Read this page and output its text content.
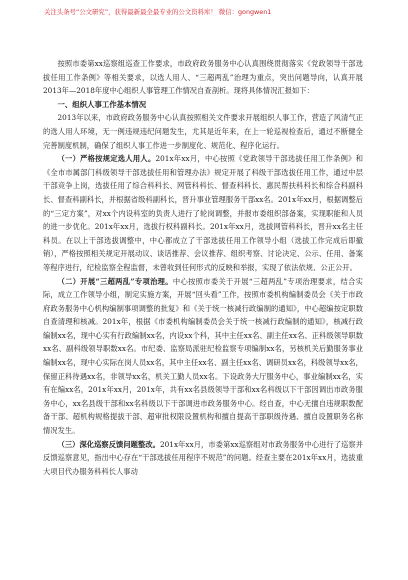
关注头条号“公文研究”，获得最新最全最专业的公文资料库！ 微信：gongwen1

按照市委第xx巡察组巡查工作要求，市政府政务服务中心认真围绕贯彻落实《党政领导干部选拔任用工作条例》等相关要求，以选人用人、“三超两乱”治理为重点，突出问题导向，认真开展2013年—2018年度中心组织人事管理工作情况自查剖析。现将具体情况汇报如下：

一、组织人事工作基本情况

2013年以来，市政府政务服务中心认真按照相关文件要求开展组织人事工作，营造了风清气正的选人用人环境，无一例违规违纪问题发生，尤其是近年来，在上一轮巡视检查后，通过不断健全完善制度机制，确保了组织人事工作进一步制度化、规范化、程序化运行。

（一）严格按规定选人用人。201x年xx月，中心按照《党政领导干部选拔任用工作条例》和《全市市属部门科级领导干部选拔任用和管理办法》规定开展了科级干部选拔任用工作，通过中层干部竞争上岗，选拔任用了综合科科长、网管科科长、督查科科长、惠民帮扶科科长和综合科副科长、督查科副科长，并根据省级科副科长，晋升事业管理服务干部xx名。201x年xx月，根据调整后的“三定方案”，对xx个内设科室的负责人进行了轮岗调整，并报市委组织部备案，实现职能和人员的进一步优化。201x年xx月，选拔行权科副科长。201x年xx月，选拔网管科科长，晋升xx名主任科员。在以上干部选拔调整中，中心都成立了干部选拔任用工作领导小组（选拔工作完成后即撤销），严格按照相关规定开展动议、谈话推荐、会议推荐、组织考察、讨论决定、公示、任用、备案等程序进行，纪检监察全程监督，未曾收到任何形式的反映和举报，实现了依法依规、公正公开。

（二）开展“三超两乱”专项治理。中心按照市委关于开展“三超两乱”专项治理要求，结合实际，成立工作领导小组，制定实施方案，开展“回头看”工作，按照市委机构编制委员会《关于市政府政务服务中心机构编制事项调整的批复》和《关于统一核减行政编制的通知》，中心超编按定职数自查清理和核减。201x年，根据《市委机构编制委员会关于统一核减行政编制的通知》，核减行政编制xx名，现中心实有行政编制xx名，内设xx个科，其中主任xx名、副主任xx名、正科级领导职数xx名、副科级领导职数xx名。市纪委、监察局派驻纪检监察专项编制xx名，另核机关后勤服务事业编制xx名，现中心实际在岗人员xx名，其中主任xx名、副主任xx名、调研员xx名，科级领导xx名，保留正科待遇xx名，非领导xx名，机关工勤人员xx名。下设政务大厅服务中心，事业编制xx名，实有在编xx名，201x年xx月，201x年，共有xx名县级领导干部和xx名科级以下干部因调出市政务服务中心，xx名县级干部和xx名科级以下干部调进市政务服务中心。经自查，中心无擅自违规职数配备干部、超机构规格提拔干部、超审批权限设置机构和擅自提高干部职级待遇、擅自设置职务名称情况发生。

（三）深化巡察反馈问题整改。201x年xx月，市委第xx巡察组对市政务服务中心进行了巡察并反馈巡察意见，指出中心存在“干部选拔任用程序不规范”的问题。经查主要在201x年xx月，选拔重大项目代办服务科科长人事动
